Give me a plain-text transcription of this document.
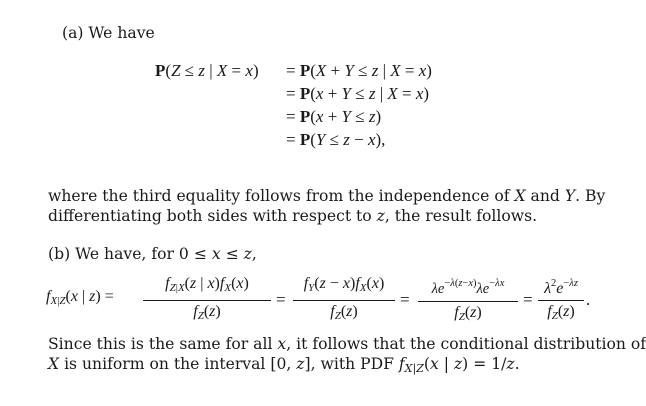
(a) We have
P(Z ≤ z | X = x) = P(X + Y ≤ z | X = x)
= P(x + Y ≤ z | X = x)
= P(x + Y ≤ z)
= P(Y ≤ z − x),
where the third equality follows from the independence of X and Y. By
differentiating both sides with respect to z, the result follows.
(b) We have, for 0 ≤ x ≤ z,
$f_{X|Z}(x$ | z) =
$f_{Z|X}(z$ | $x)f_X(x)$
$f_Z(z)$
=
$f_Y(z - x)f_X(x)$
$f_Z(z)$
=
$\lambda e^{-\lambda(z-x)}\lambda e^{-\lambda x}$
$f_Z(z)$
=
$\lambda^2e^{-\lambda z}$
$f_Z(z)$
.
Since this is the same for all x, it follows that the conditional distribution of
X is uniform on the interval [0, z], with PDF $f_{X|Z}(x$ | z) = 1/z.
